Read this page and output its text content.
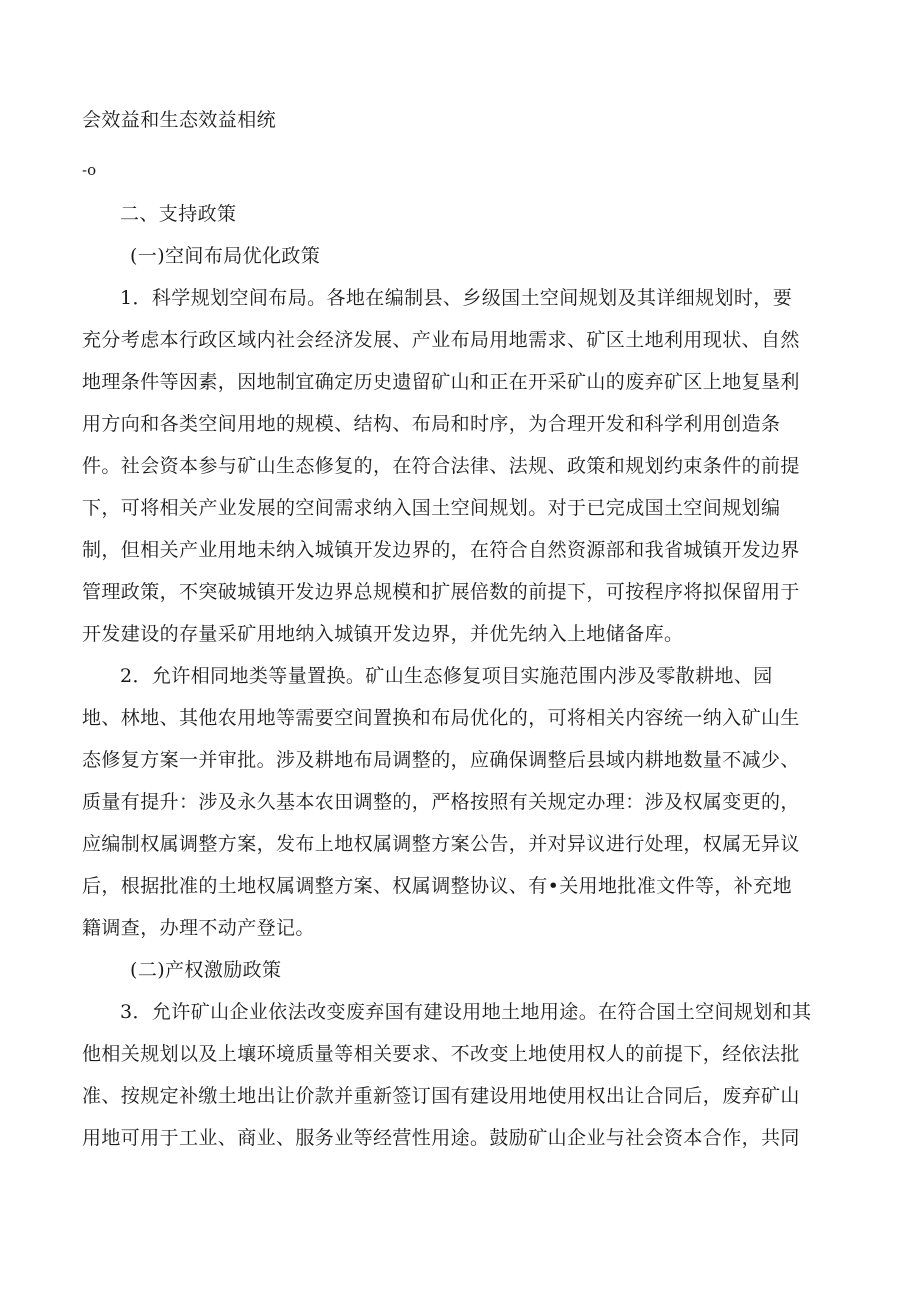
会效益和生态效益相统
-o
二、支持政策
(一)空间布局优化政策
1．科学规划空间布局。各地在编制县、乡级国土空间规划及其详细规划时，要
充分考虑本行政区域内社会经济发展、产业布局用地需求、矿区土地利用现状、自然
地理条件等因素，因地制宜确定历史遗留矿山和正在开采矿山的废弃矿区上地复垦利
用方向和各类空间用地的规模、结构、布局和时序，为合理开发和科学利用创造条
件。社会资本参与矿山生态修复的，在符合法律、法规、政策和规划约束条件的前提
下，可将相关产业发展的空间需求纳入国土空间规划。对于已完成国土空间规划编
制，但相关产业用地未纳入城镇开发边界的，在符合自然资源部和我省城镇开发边界
管理政策，不突破城镇开发边界总规模和扩展倍数的前提下，可按程序将拟保留用于
开发建设的存量采矿用地纳入城镇开发边界，并优先纳入上地储备库。
2．允许相同地类等量置换。矿山生态修复项目实施范围内涉及零散耕地、园
地、林地、其他农用地等需要空间置换和布局优化的，可将相关内容统一纳入矿山生
态修复方案一并审批。涉及耕地布局调整的，应确保调整后县域内耕地数量不减少、
质量有提升：涉及永久基本农田调整的，严格按照有关规定办理：涉及权属变更的，
应编制权属调整方案，发布上地权属调整方案公告，并对异议进行处理，权属无异议
后，根据批准的土地权属调整方案、权属调整协议、有•关用地批准文件等，补充地
籍调查，办理不动产登记。
(二)产权激励政策
3．允许矿山企业依法改变废弃国有建设用地土地用途。在符合国土空间规划和其
他相关规划以及上壤环境质量等相关要求、不改变上地使用权人的前提下，经依法批
准、按规定补缴土地出让价款并重新签订国有建设用地使用权出让合同后，废弃矿山
用地可用于工业、商业、服务业等经营性用途。鼓励矿山企业与社会资本合作，共同
